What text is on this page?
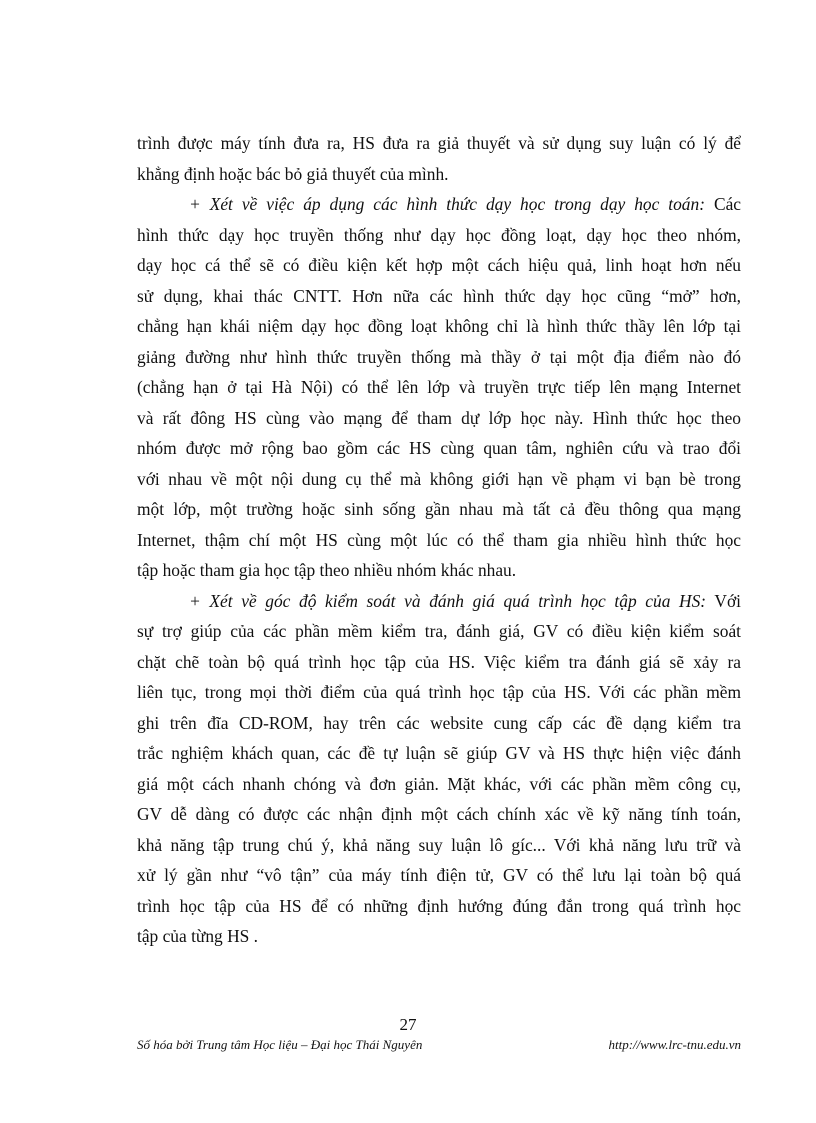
trình được máy tính đưa ra, HS đưa ra giả thuyết và sử dụng suy luận có lý để
khẳng định hoặc bác bỏ giả thuyết của mình.

+ Xét về việc áp dụng các hình thức dạy học trong dạy học toán: Các
hình thức dạy học truyền thống như dạy học đồng loạt, dạy học theo nhóm,
dạy học cá thể sẽ có điều kiện kết hợp một cách hiệu quả, linh hoạt hơn nếu
sử dụng, khai thác CNTT. Hơn nữa các hình thức dạy học cũng “mở” hơn,
chẳng hạn khái niệm dạy học đồng loạt không chỉ là hình thức thầy lên lớp tại
giảng đường như hình thức truyền thống mà thầy ở tại một địa điểm nào đó
(chẳng hạn ở tại Hà Nội) có thể lên lớp và truyền trực tiếp lên mạng Internet
và rất đông HS cùng vào mạng để tham dự lớp học này. Hình thức học theo
nhóm được mở rộng bao gồm các HS cùng quan tâm, nghiên cứu và trao đổi
với nhau về một nội dung cụ thể mà không giới hạn về phạm vi bạn bè trong
một lớp, một trường hoặc sinh sống gần nhau mà tất cả đều thông qua mạng
Internet, thậm chí một HS cùng một lúc có thể tham gia nhiều hình thức học
tập hoặc tham gia học tập theo nhiều nhóm khác nhau.

+ Xét về góc độ kiểm soát và đánh giá quá trình học tập của HS: Với
sự trợ giúp của các phần mềm kiểm tra, đánh giá, GV có điều kiện kiểm soát
chặt chẽ toàn bộ quá trình học tập của HS. Việc kiểm tra đánh giá sẽ xảy ra
liên tục, trong mọi thời điểm của quá trình học tập của HS. Với các phần mềm
ghi trên đĩa CD-ROM, hay trên các website cung cấp các đề dạng kiểm tra
trắc nghiệm khách quan, các đề tự luận sẽ giúp GV và HS thực hiện việc đánh
giá một cách nhanh chóng và đơn giản. Mặt khác, với các phần mềm công cụ,
GV dễ dàng có được các nhận định một cách chính xác về kỹ năng tính toán,
khả năng tập trung chú ý, khả năng suy luận lô gíc... Với khả năng lưu trữ và
xử lý gần như “vô tận” của máy tính điện tử, GV có thể lưu lại toàn bộ quá
trình học tập của HS để có những định hướng đúng đắn trong quá trình học
tập của từng HS .

27
Số hóa bởi Trung tâm Học liệu – Đại học Thái Nguyên	http://www.lrc-tnu.edu.vn
